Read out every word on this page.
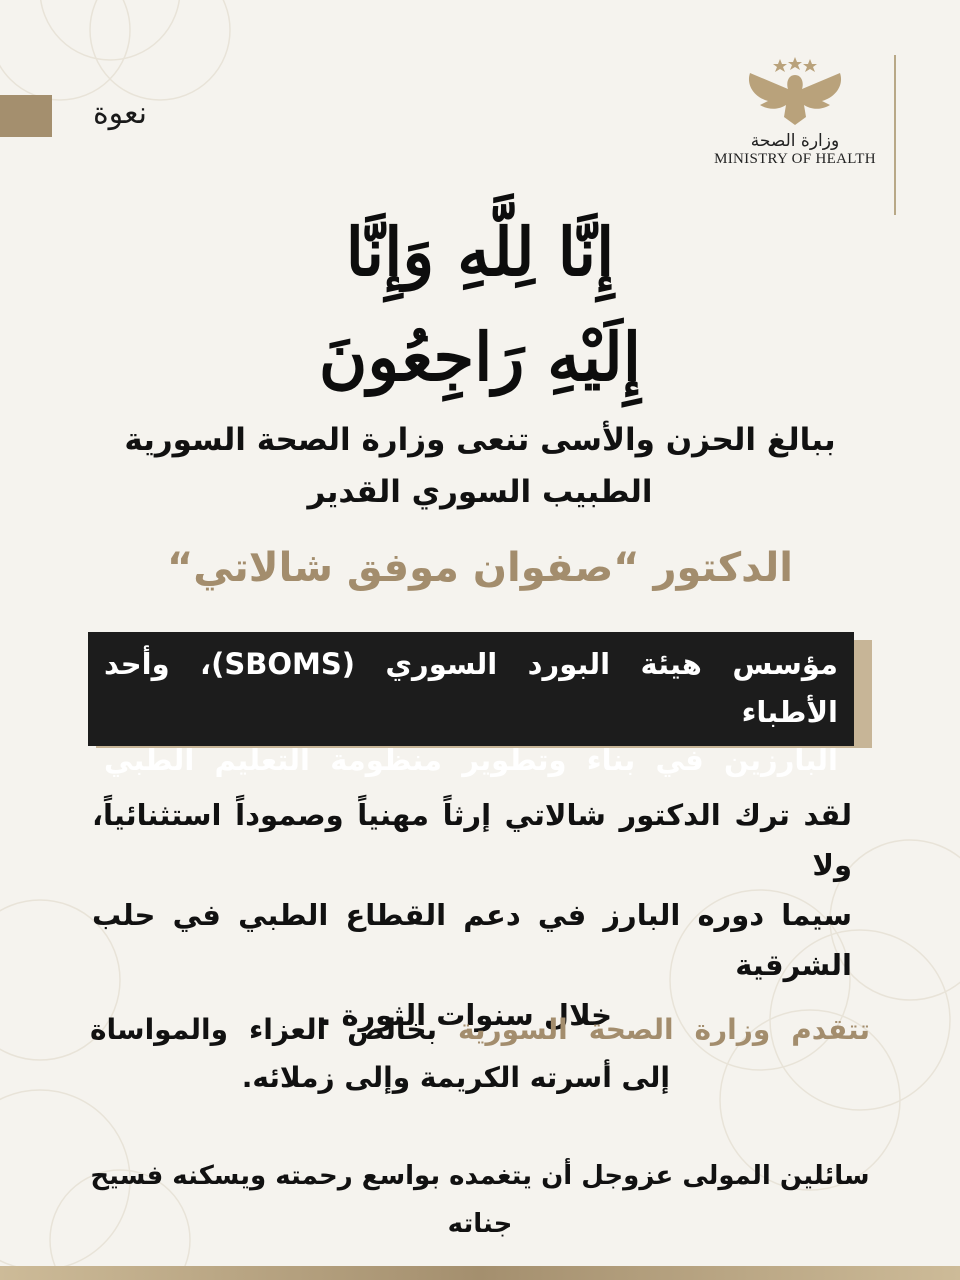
نعوة
وزارة الصحة
MINISTRY OF HEALTH
إِنَّا لِلَّهِ وَإِنَّا
إِلَيْهِ رَاجِعُونَ
ببالغ الحزن والأسى تنعى وزارة الصحة السورية
الطبيب السوري القدير
الدكتور “صفوان موفق شالاتي“
مؤسس هيئة البورد السوري (SBOMS)، وأحد الأطباء
البارزين في بناء وتطوير منظومة التعليم الطبي
لقد ترك الدكتور شالاتي إرثاً مهنياً وصموداً استثنائياً، ولا
سيما دوره البارز في دعم القطاع الطبي في حلب الشرقية
خلال سنوات الثورة .
تتقدم وزارة الصحة السورية بخالص العزاء والمواساة
إلى أسرته الكريمة وإلى زملائه.
سائلين المولى عزوجل أن يتغمده بواسع رحمته ويسكنه فسيح جناته
